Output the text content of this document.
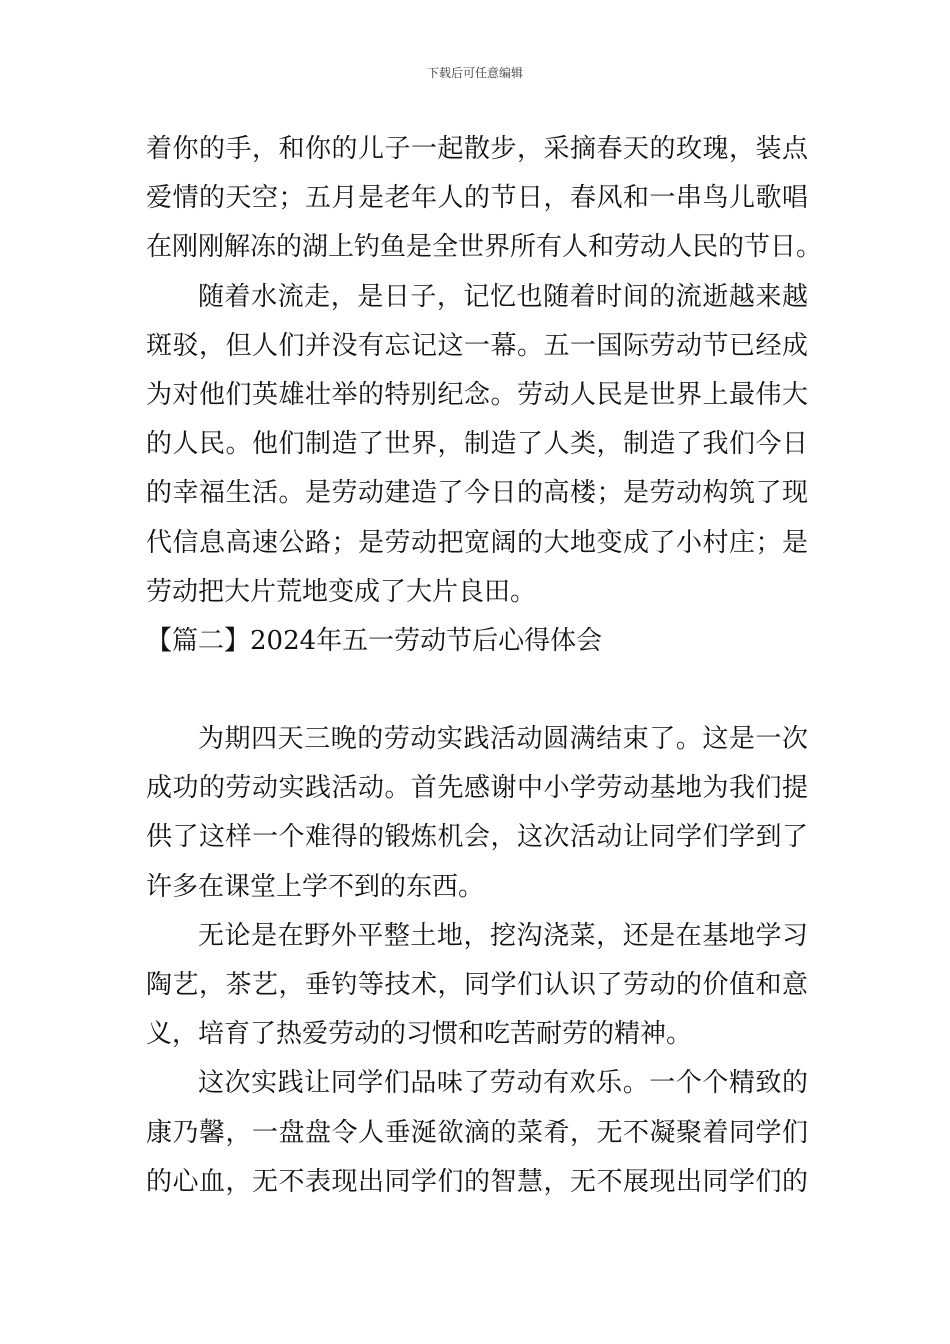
下载后可任意编辑
着你的手，和你的儿子一起散步，采摘春天的玫瑰，装点
爱情的天空；五月是老年人的节日，春风和一串鸟儿歌唱
在刚刚解冻的湖上钓鱼是全世界所有人和劳动人民的节日。
随着水流走，是日子，记忆也随着时间的流逝越来越
斑驳，但人们并没有忘记这一幕。五一国际劳动节已经成
为对他们英雄壮举的特别纪念。劳动人民是世界上最伟大
的人民。他们制造了世界，制造了人类，制造了我们今日
的幸福生活。是劳动建造了今日的高楼；是劳动构筑了现
代信息高速公路；是劳动把宽阔的大地变成了小村庄；是
劳动把大片荒地变成了大片良田。
【篇二】2024年五一劳动节后心得体会
为期四天三晚的劳动实践活动圆满结束了。这是一次
成功的劳动实践活动。首先感谢中小学劳动基地为我们提
供了这样一个难得的锻炼机会，这次活动让同学们学到了
许多在课堂上学不到的东西。
无论是在野外平整土地，挖沟浇菜，还是在基地学习
陶艺，茶艺，垂钓等技术，同学们认识了劳动的价值和意
义，培育了热爱劳动的习惯和吃苦耐劳的精神。
这次实践让同学们品味了劳动有欢乐。一个个精致的
康乃馨，一盘盘令人垂涎欲滴的菜肴，无不凝聚着同学们
的心血，无不表现出同学们的智慧，无不展现出同学们的
